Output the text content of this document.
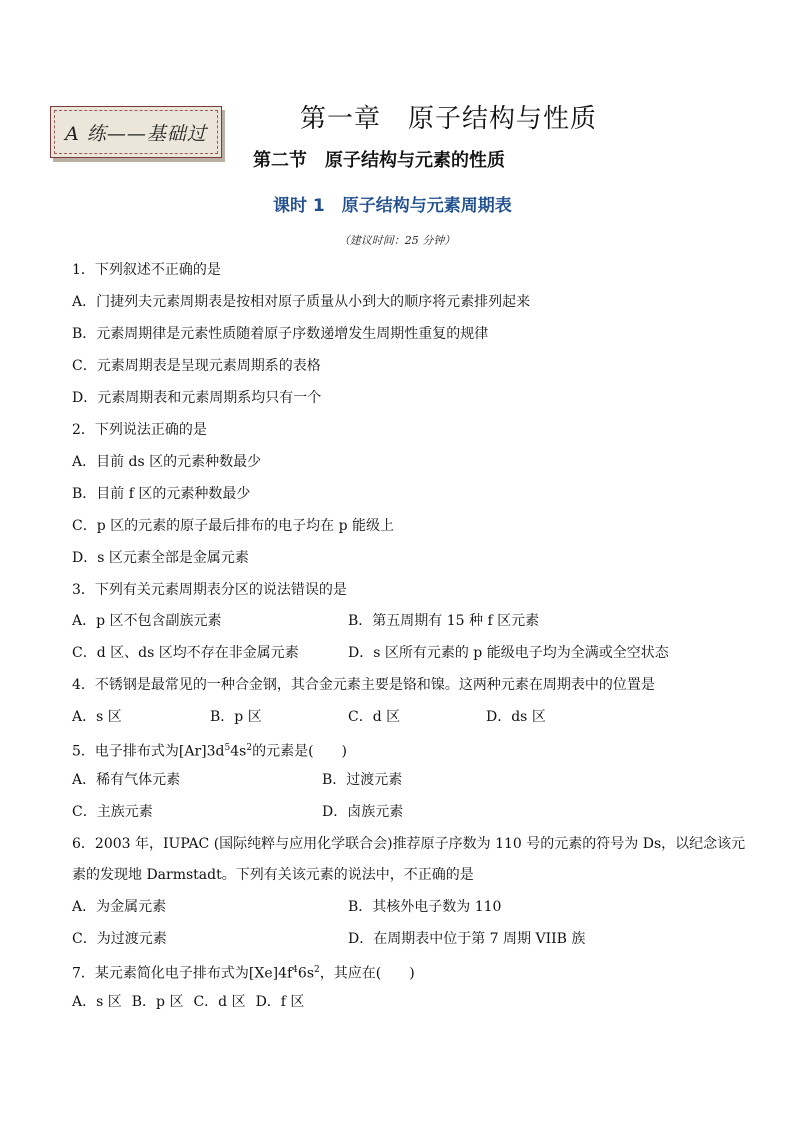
A 练——基础过	第一章　原子结构与性质
第二节　原子结构与元素的性质
课时 1　原子结构与元素周期表
（建议时间：25 分钟）
1．下列叙述不正确的是
A．门捷列夫元素周期表是按相对原子质量从小到大的顺序将元素排列起来
B．元素周期律是元素性质随着原子序数递增发生周期性重复的规律
C．元素周期表是呈现元素周期系的表格
D．元素周期表和元素周期系均只有一个
2．下列说法正确的是
A．目前 ds 区的元素种数最少
B．目前 f 区的元素种数最少
C．p 区的元素的原子最后排布的电子均在 p 能级上
D．s 区元素全部是金属元素
3．下列有关元素周期表分区的说法错误的是
A．p 区不包含副族元素	B．第五周期有 15 种 f 区元素
C．d 区、ds 区均不存在非金属元素	D．s 区所有元素的 p 能级电子均为全满或全空状态
4．不锈钢是最常见的一种合金钢，其合金元素主要是铬和镍。这两种元素在周期表中的位置是
A．s 区	B．p 区	C．d 区	D．ds 区
5．电子排布式为$[Ar]3d^54s^2$的元素是(　　)
A．稀有气体元素	B．过渡元素
C．主族元素	D．卤族元素
6．2003 年，IUPAC (国际纯粹与应用化学联合会)推荐原子序数为 110 号的元素的符号为 Ds，以纪念该元
素的发现地 Darmstadt。下列有关该元素的说法中，不正确的是
A．为金属元素	B．其核外电子数为 110
C．为过渡元素	D．在周期表中位于第 7 周期 VIIB 族
7．某元素简化电子排布式为$[Xe]4f^46s^2$，其应在(　　)
A．s 区 B．p 区 C．d 区 D．f 区
